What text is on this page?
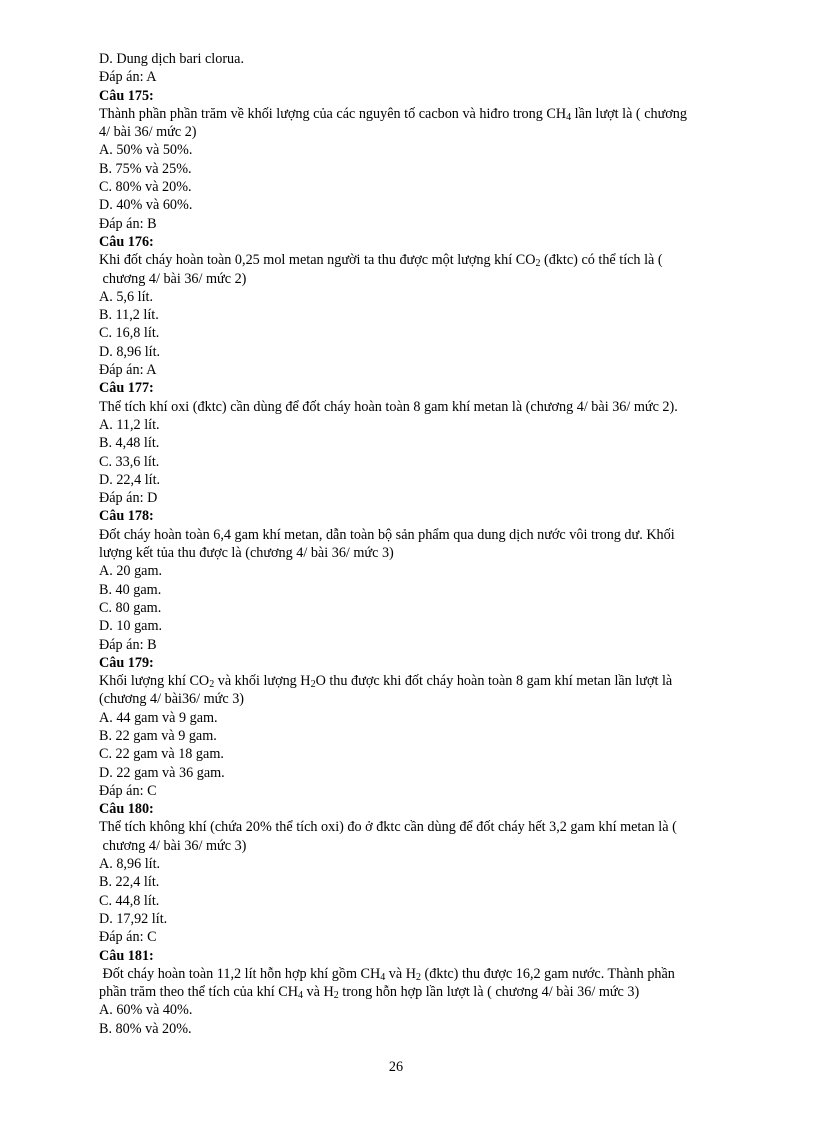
D. Dung dịch bari clorua.
Đáp án: A
Câu 175:
Thành phần phần trăm về khối lượng của các nguyên tố cacbon và hiđro trong CH4 lần lượt là ( chương
4/ bài 36/ mức 2)
A. 50% và 50%.
B. 75% và 25%.
C. 80% và 20%.
D. 40% và 60%.
Đáp án: B
Câu 176:
Khi đốt cháy hoàn toàn 0,25 mol metan người ta thu được một lượng khí CO2 (đktc) có thể tích là (
chương 4/ bài 36/ mức 2)
A. 5,6 lít.
B. 11,2 lít.
C. 16,8 lít.
D. 8,96 lít.
Đáp án: A
Câu 177:
Thể tích khí oxi (đktc) cần dùng để đốt cháy hoàn toàn 8 gam khí metan là (chương 4/ bài 36/ mức 2).
A. 11,2 lít.
B. 4,48 lít.
C. 33,6 lít.
D. 22,4 lít.
Đáp án: D
Câu 178:
Đốt cháy hoàn toàn 6,4 gam khí metan, dẫn toàn bộ sản phẩm qua dung dịch nước vôi trong dư. Khối
lượng kết tủa thu được là (chương 4/ bài 36/ mức 3)
A. 20 gam.
B. 40 gam.
C. 80 gam.
D. 10 gam.
Đáp án: B
Câu 179:
Khối lượng khí CO2 và khối lượng H2O thu được khi đốt cháy hoàn toàn 8 gam khí metan lần lượt là
(chương 4/ bài36/ mức 3)
A. 44 gam và 9 gam.
B. 22 gam và 9 gam.
C. 22 gam và 18 gam.
D. 22 gam và 36 gam.
Đáp án: C
Câu 180:
Thể tích không khí (chứa 20% thể tích oxi) đo ở đktc cần dùng để đốt cháy hết 3,2 gam khí metan là (
chương 4/ bài 36/ mức 3)
A. 8,96 lít.
B. 22,4 lít.
C. 44,8 lít.
D. 17,92 lít.
Đáp án: C
Câu 181:
Đốt cháy hoàn toàn 11,2 lít hỗn hợp khí gồm CH4 và H2 (đktc) thu được 16,2 gam nước. Thành phần
phần trăm theo thể tích của khí CH4 và H2 trong hỗn hợp lần lượt là ( chương 4/ bài 36/ mức 3)
A. 60% và 40%.
B. 80% và 20%.
26
